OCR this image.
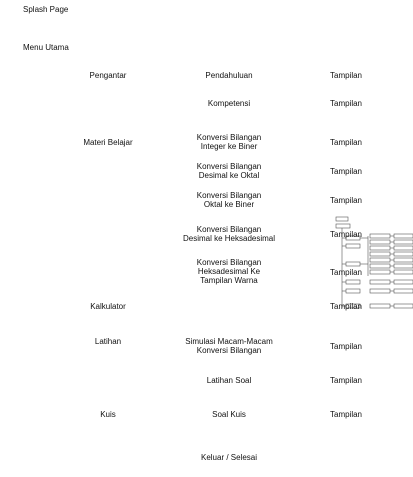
Splash Page
Menu Utama
Pengantar
Materi Belajar
Kalkulator
Latihan
Kuis
Pendahuluan
Kompetensi
Konversi Bilangan
Integer ke Biner
Konversi Bilangan
Desimal ke Oktal
Konversi Bilangan
Oktal ke Biner
Konversi Bilangan
Desimal ke Heksadesimal
Konversi Bilangan
Heksadesimal Ke
Tampilan Warna
Simulasi Macam-Macam
Konversi Bilangan
Latihan Soal
Soal Kuis
Keluar / Selesai
Tampilan
Tampilan
Tampilan
Tampilan
Tampilan
Tampilan
Tampilan
Tampilan
Tampilan
Tampilan
Tampilan
